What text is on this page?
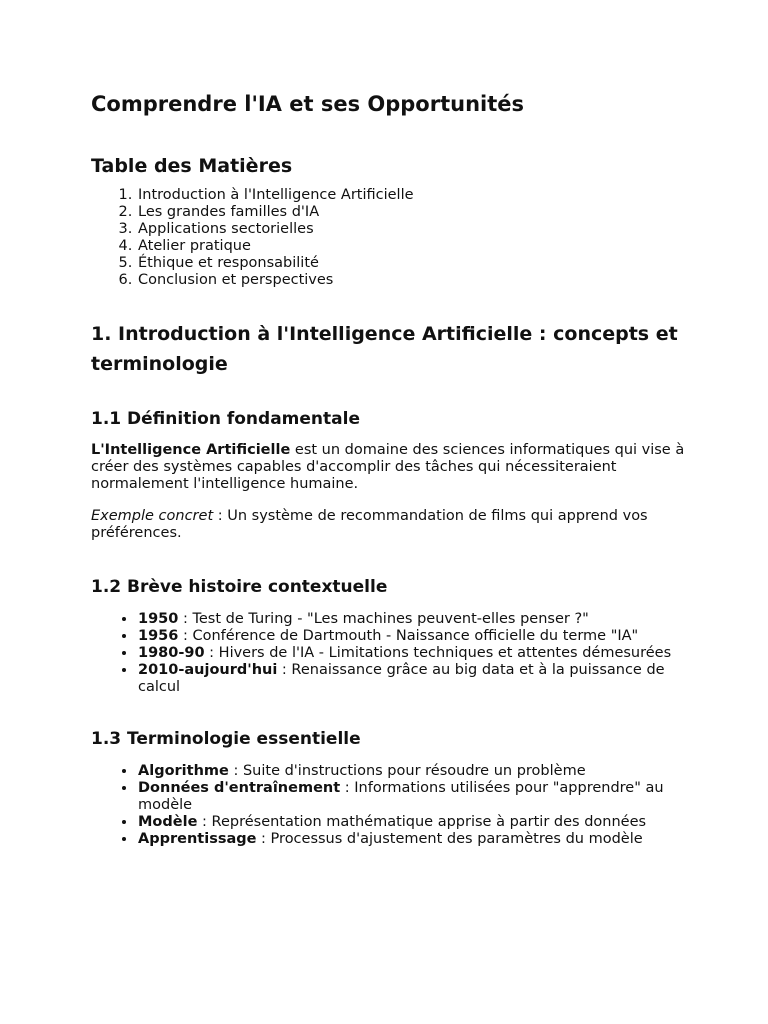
Comprendre l'IA et ses Opportunités
Table des Matières
1. Introduction à l'Intelligence Artificielle
2. Les grandes familles d'IA
3. Applications sectorielles
4. Atelier pratique
5. Éthique et responsabilité
6. Conclusion et perspectives
1. Introduction à l'Intelligence Artificielle : concepts et terminologie
1.1 Définition fondamentale

L'Intelligence Artificielle est un domaine des sciences informatiques qui vise à créer des systèmes capables d'accomplir des tâches qui nécessiteraient normalement l'intelligence humaine.

Exemple concret : Un système de recommandation de films qui apprend vos préférences.

1.2 Brève histoire contextuelle
• 1950 : Test de Turing - "Les machines peuvent-elles penser ?"
• 1956 : Conférence de Dartmouth - Naissance officielle du terme "IA"
• 1980-90 : Hivers de l'IA - Limitations techniques et attentes démesurées
• 2010-aujourd'hui : Renaissance grâce au big data et à la puissance de calcul
1.3 Terminologie essentielle
• Algorithme : Suite d'instructions pour résoudre un problème
• Données d'entraînement : Informations utilisées pour "apprendre" au modèle
• Modèle : Représentation mathématique apprise à partir des données
• Apprentissage : Processus d'ajustement des paramètres du modèle
